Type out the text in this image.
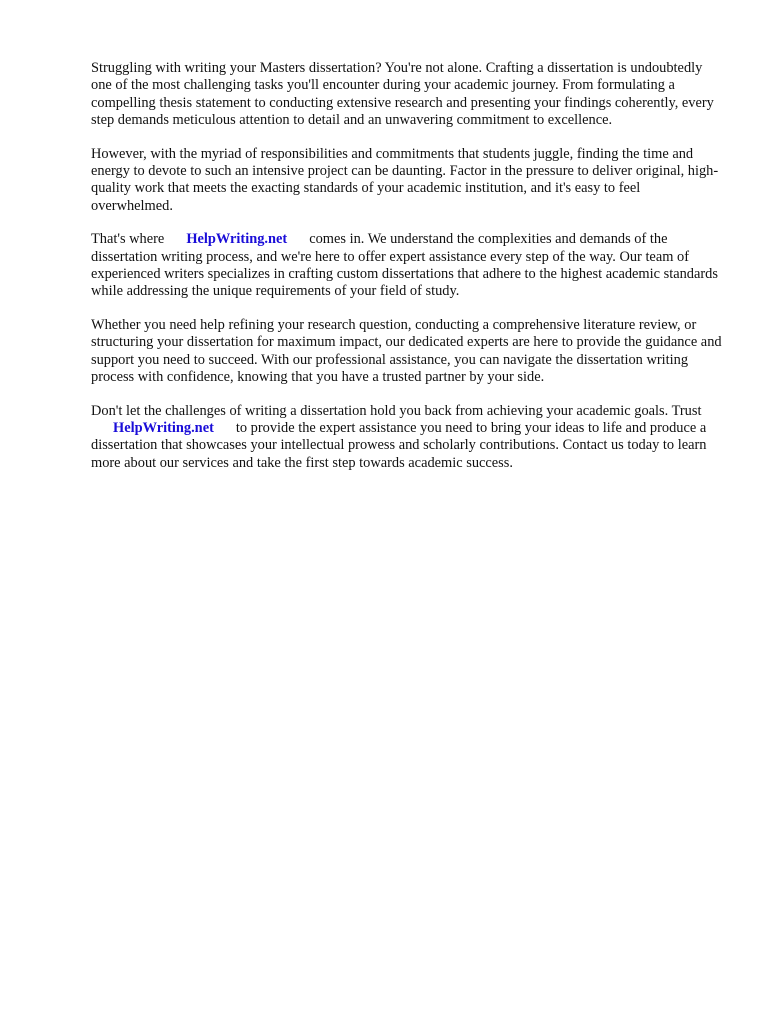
Struggling with writing your Masters dissertation? You're not alone. Crafting a dissertation is undoubtedly one of the most challenging tasks you'll encounter during your academic journey. From formulating a compelling thesis statement to conducting extensive research and presenting your findings coherently, every step demands meticulous attention to detail and an unwavering commitment to excellence.

However, with the myriad of responsibilities and commitments that students juggle, finding the time and energy to devote to such an intensive project can be daunting. Factor in the pressure to deliver original, high-quality work that meets the exacting standards of your academic institution, and it's easy to feel overwhelmed.

That's where HelpWriting.net comes in. We understand the complexities and demands of the dissertation writing process, and we're here to offer expert assistance every step of the way. Our team of experienced writers specializes in crafting custom dissertations that adhere to the highest academic standards while addressing the unique requirements of your field of study.

Whether you need help refining your research question, conducting a comprehensive literature review, or structuring your dissertation for maximum impact, our dedicated experts are here to provide the guidance and support you need to succeed. With our professional assistance, you can navigate the dissertation writing process with confidence, knowing that you have a trusted partner by your side.

Don't let the challenges of writing a dissertation hold you back from achieving your academic goals. TrustHelpWriting.net to provide the expert assistance you need to bring your ideas to life and produce a dissertation that showcases your intellectual prowess and scholarly contributions. Contact us today to learn more about our services and take the first step towards academic success.
